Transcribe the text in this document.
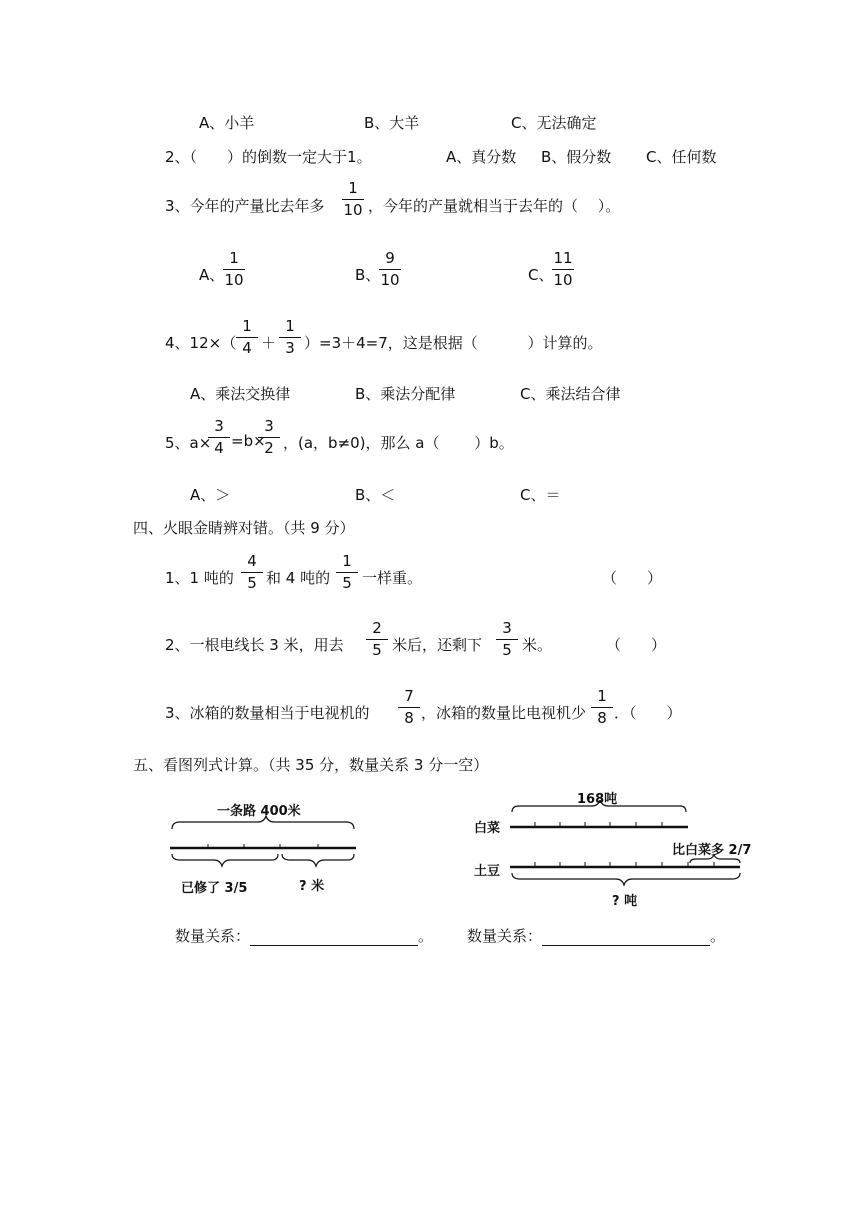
A、小羊	B、大羊	C、无法确定
2、（　　）的倒数一定大于1。	A、真分数 B、假分数 C、任何数
3、今年的产量比去年多
1
10 ，今年的产量就相当于去年的（　 ）。
A、
1
10	B、
9
10	C、
11
10
4、12×（
1
4 ＋
1
3 ）=3＋4=7，这是根据（　　　 ）计算的。
A、乘法交换律	B、乘法分配律	C、乘法结合律
5、a×
3
4 =b×
3
2 ，(a，b≠0)，那么 a（　　 ）b。
A、＞	B、＜	C、＝
四、火眼金睛辨对错。（共 9 分）
1、1 吨的
4
5 和 4 吨的
1
5 一样重。	（　　）
2、一根电线长 3 米，用去
2
5 米后，还剩下
3
5 米。	（　　）
3、冰箱的数量相当于电视机的
7
8 ，冰箱的数量比电视机少
1
8 ．（　　）
五、看图列式计算。（共 35 分，数量关系 3 分一空）
一条路 400米
已修了 3/5	? 米
168吨
白菜
土豆
比白菜多 2/7
? 吨
数量关系：	。 数量关系：	。
